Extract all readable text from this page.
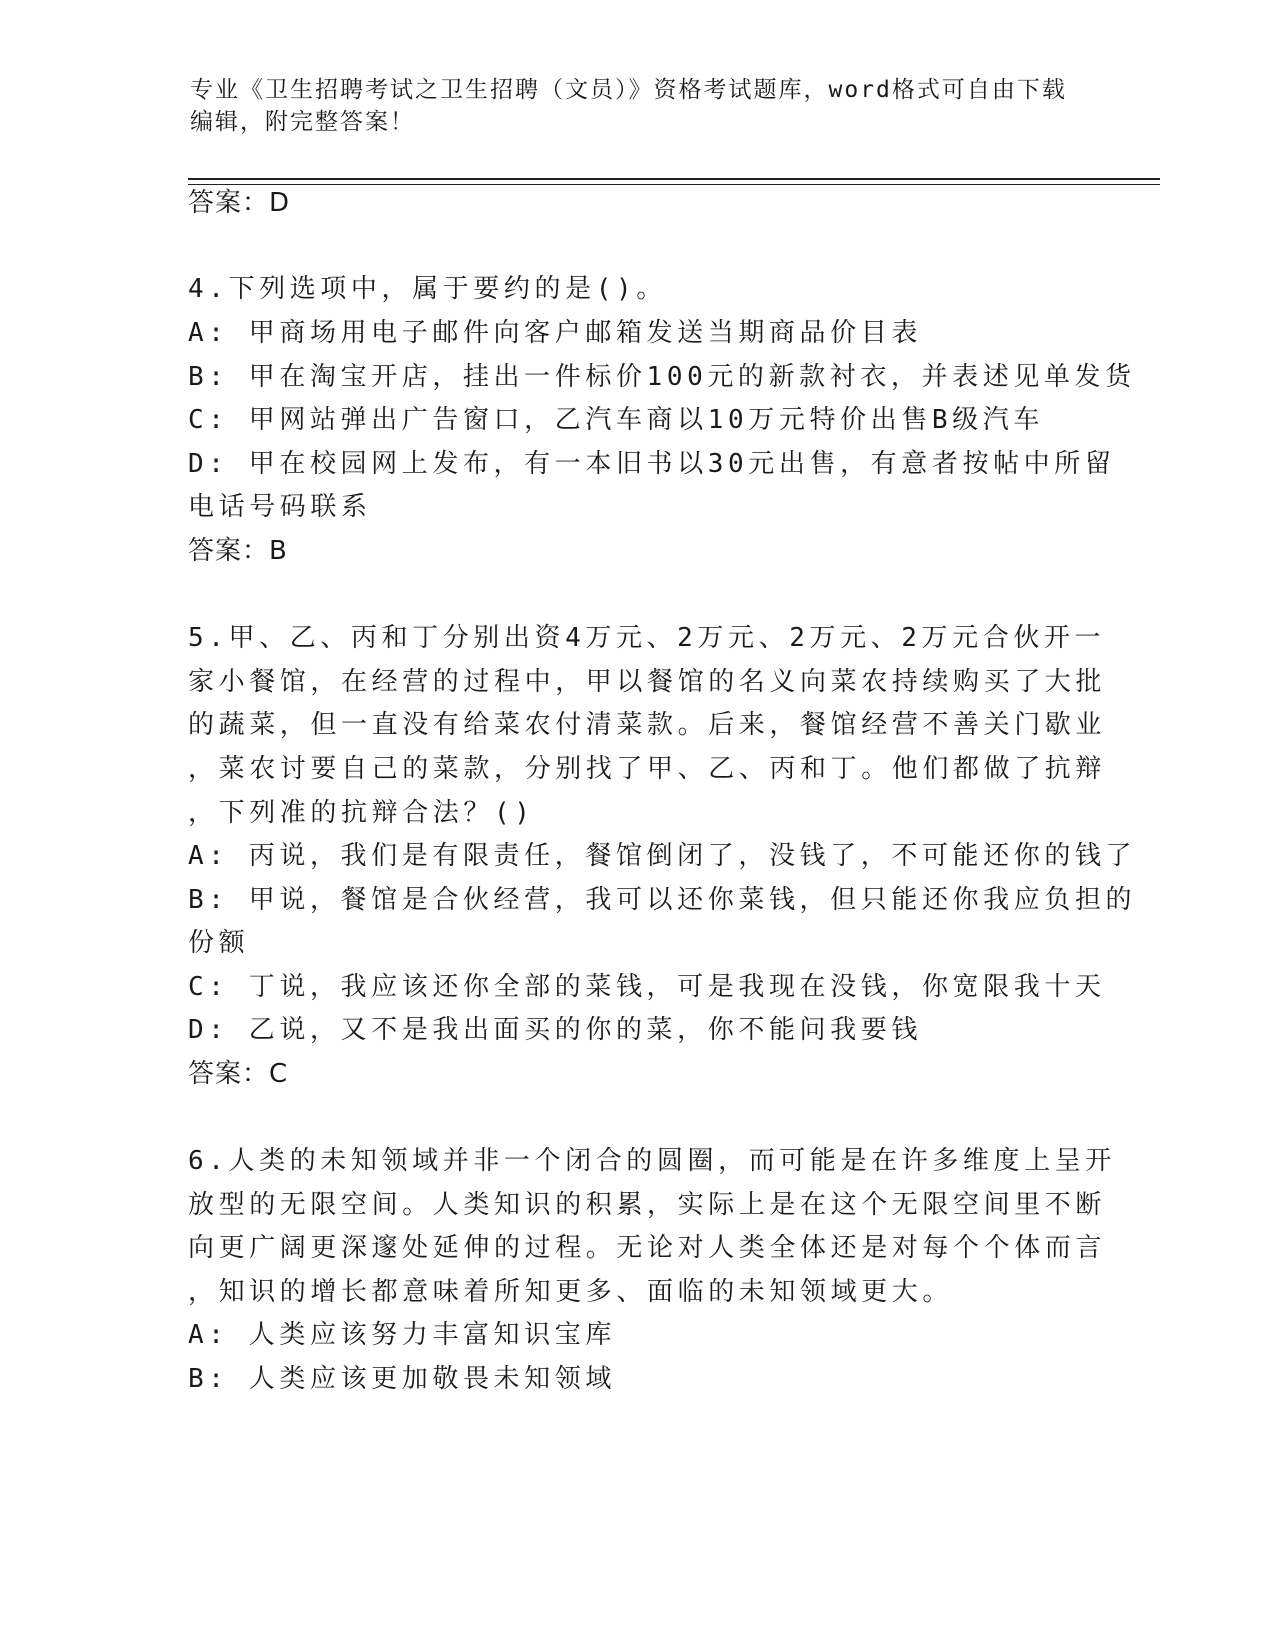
专业《卫生招聘考试之卫生招聘（文员）》资格考试题库，word格式可自由下载
编辑，附完整答案！
答案：D
4.下列选项中，属于要约的是()。
A: 甲商场用电子邮件向客户邮箱发送当期商品价目表
B: 甲在淘宝开店，挂出一件标价100元的新款衬衣，并表述见单发货
C: 甲网站弹出广告窗口，乙汽车商以10万元特价出售B级汽车
D: 甲在校园网上发布，有一本旧书以30元出售，有意者按帖中所留
电话号码联系
答案：B
5.甲、乙、丙和丁分别出资4万元、2万元、2万元、2万元合伙开一
家小餐馆，在经营的过程中，甲以餐馆的名义向菜农持续购买了大批
的蔬菜，但一直没有给菜农付清菜款。后来，餐馆经营不善关门歇业
，菜农讨要自己的菜款，分别找了甲、乙、丙和丁。他们都做了抗辩
，下列准的抗辩合法？()
A: 丙说，我们是有限责任，餐馆倒闭了，没钱了，不可能还你的钱了
B: 甲说，餐馆是合伙经营，我可以还你菜钱，但只能还你我应负担的
份额
C: 丁说，我应该还你全部的菜钱，可是我现在没钱，你宽限我十天
D: 乙说，又不是我出面买的你的菜，你不能问我要钱
答案：C
6.人类的未知领域并非一个闭合的圆圈，而可能是在许多维度上呈开
放型的无限空间。人类知识的积累，实际上是在这个无限空间里不断
向更广阔更深邃处延伸的过程。无论对人类全体还是对每个个体而言
，知识的增长都意味着所知更多、面临的未知领域更大。
A: 人类应该努力丰富知识宝库
B: 人类应该更加敬畏未知领域
